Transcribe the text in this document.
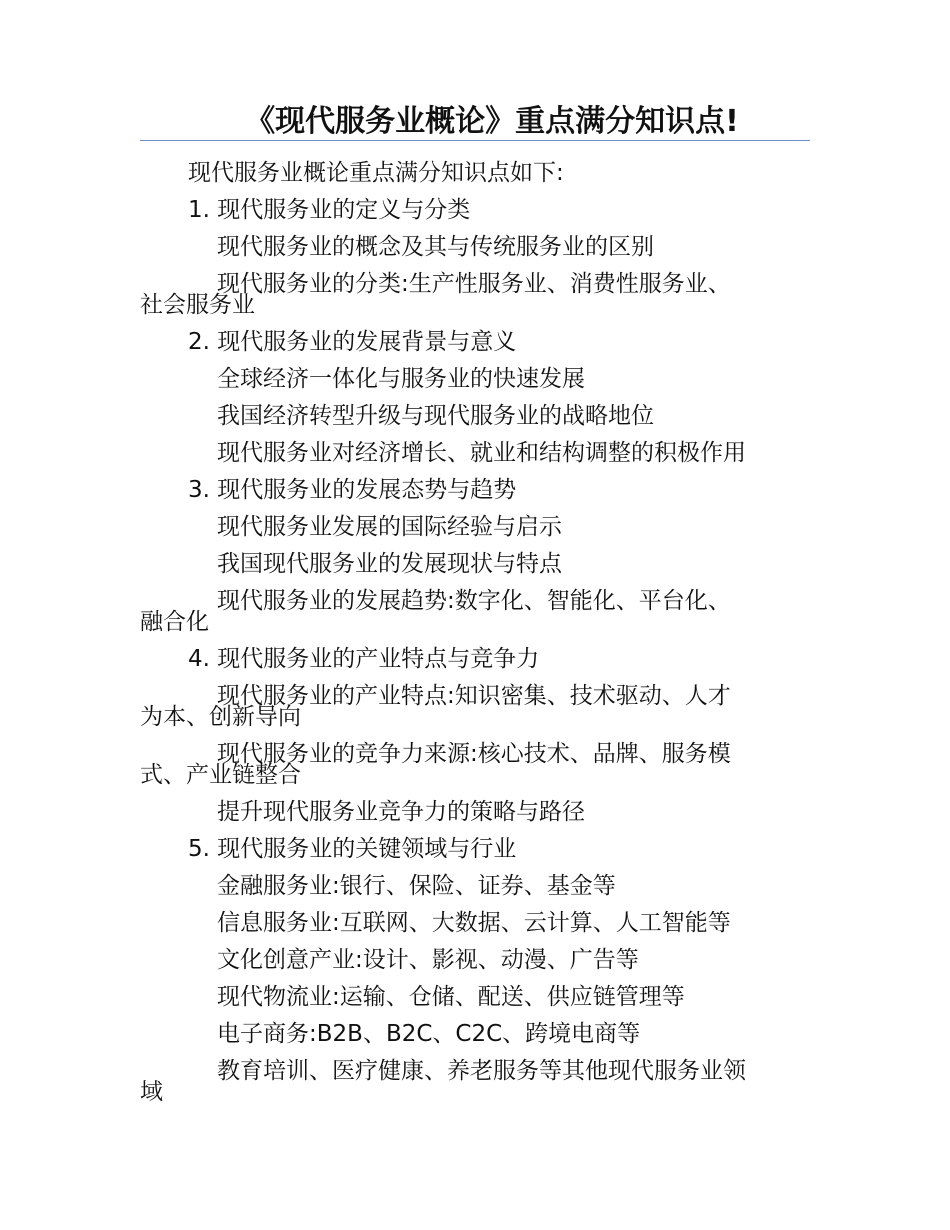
《现代服务业概论》重点满分知识点!
现代服务业概论重点满分知识点如下:
1. 现代服务业的定义与分类
现代服务业的概念及其与传统服务业的区别
现代服务业的分类:生产性服务业、消费性服务业、
社会服务业
2. 现代服务业的发展背景与意义
全球经济一体化与服务业的快速发展
我国经济转型升级与现代服务业的战略地位
现代服务业对经济增长、就业和结构调整的积极作用
3. 现代服务业的发展态势与趋势
现代服务业发展的国际经验与启示
我国现代服务业的发展现状与特点
现代服务业的发展趋势:数字化、智能化、平台化、
融合化
4. 现代服务业的产业特点与竞争力
现代服务业的产业特点:知识密集、技术驱动、人才
为本、创新导向
现代服务业的竞争力来源:核心技术、品牌、服务模
式、产业链整合
提升现代服务业竞争力的策略与路径
5. 现代服务业的关键领域与行业
金融服务业:银行、保险、证券、基金等
信息服务业:互联网、大数据、云计算、人工智能等
文化创意产业:设计、影视、动漫、广告等
现代物流业:运输、仓储、配送、供应链管理等
电子商务:B2B、B2C、C2C、跨境电商等
教育培训、医疗健康、养老服务等其他现代服务业领
域
